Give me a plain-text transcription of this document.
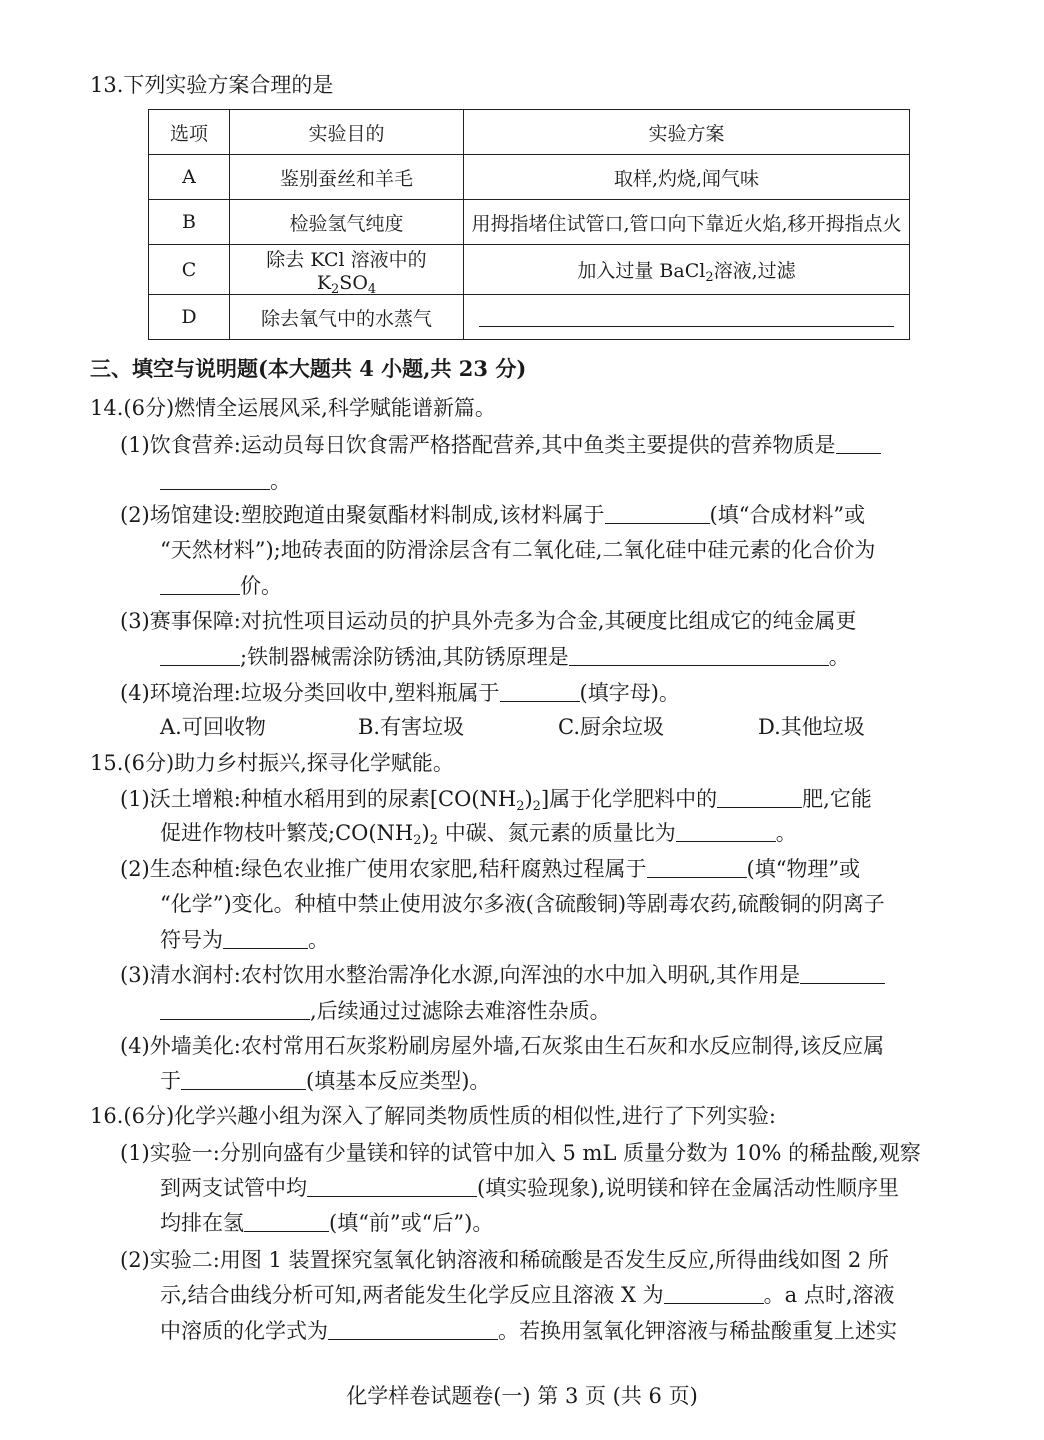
13.下列实验方案合理的是
选项	实验目的	实验方案
A	鉴别蚕丝和羊毛	取样,灼烧,闻气味
B	检验氢气纯度	用拇指堵住试管口,管口向下靠近火焰,移开拇指点火
C	除去 KCl 溶液中的 $K_2SO_4$	加入过量 BaCl$_2$溶液,过滤
D	除去氧气中的水蒸气	
三、填空与说明题(本大题共 4 小题,共 23 分)
14.(6分)燃情全运展风采,科学赋能谱新篇。
(1)饮食营养:运动员每日饮食需严格搭配营养,其中鱼类主要提供的营养物质是
。
(2)场馆建设:塑胶跑道由聚氨酯材料制成,该材料属于	(填“合成材料”或
“天然材料”);地砖表面的防滑涂层含有二氧化硅,二氧化硅中硅元素的化合价为
价。
(3)赛事保障:对抗性项目运动员的护具外壳多为合金,其硬度比组成它的纯金属更
;铁制器械需涂防锈油,其防锈原理是	。
(4)环境治理:垃圾分类回收中,塑料瓶属于	(填字母)。
A.可回收物	B.有害垃圾	C.厨余垃圾	D.其他垃圾
15.(6分)助力乡村振兴,探寻化学赋能。
(1)沃土增粮:种植水稻用到的尿素$[CO(NH_2)_2]$属于化学肥料中的	肥,它能
促进作物枝叶繁茂$;CO(NH_2)_2$ 中碳、氮元素的质量比为	。
(2)生态种植:绿色农业推广使用农家肥,秸秆腐熟过程属于	(填“物理”或
“化学”)变化。种植中禁止使用波尔多液(含硫酸铜)等剧毒农药,硫酸铜的阴离子
符号为	。
(3)清水润村:农村饮用水整治需净化水源,向浑浊的水中加入明矾,其作用是
,后续通过过滤除去难溶性杂质。
(4)外墙美化:农村常用石灰浆粉刷房屋外墙,石灰浆由生石灰和水反应制得,该反应属
于	(填基本反应类型)。
16.(6分)化学兴趣小组为深入了解同类物质性质的相似性,进行了下列实验:
(1)实验一:分别向盛有少量镁和锌的试管中加入 5 mL 质量分数为 10% 的稀盐酸,观察
到两支试管中均	(填实验现象),说明镁和锌在金属活动性顺序里
均排在氢	(填“前”或“后”)。
(2)实验二:用图 1 装置探究氢氧化钠溶液和稀硫酸是否发生反应,所得曲线如图 2 所
示,结合曲线分析可知,两者能发生化学反应且溶液 X 为	。a 点时,溶液
中溶质的化学式为	。若换用氢氧化钾溶液与稀盐酸重复上述实
化学样卷试题卷(一) 第 3 页 (共 6 页)
